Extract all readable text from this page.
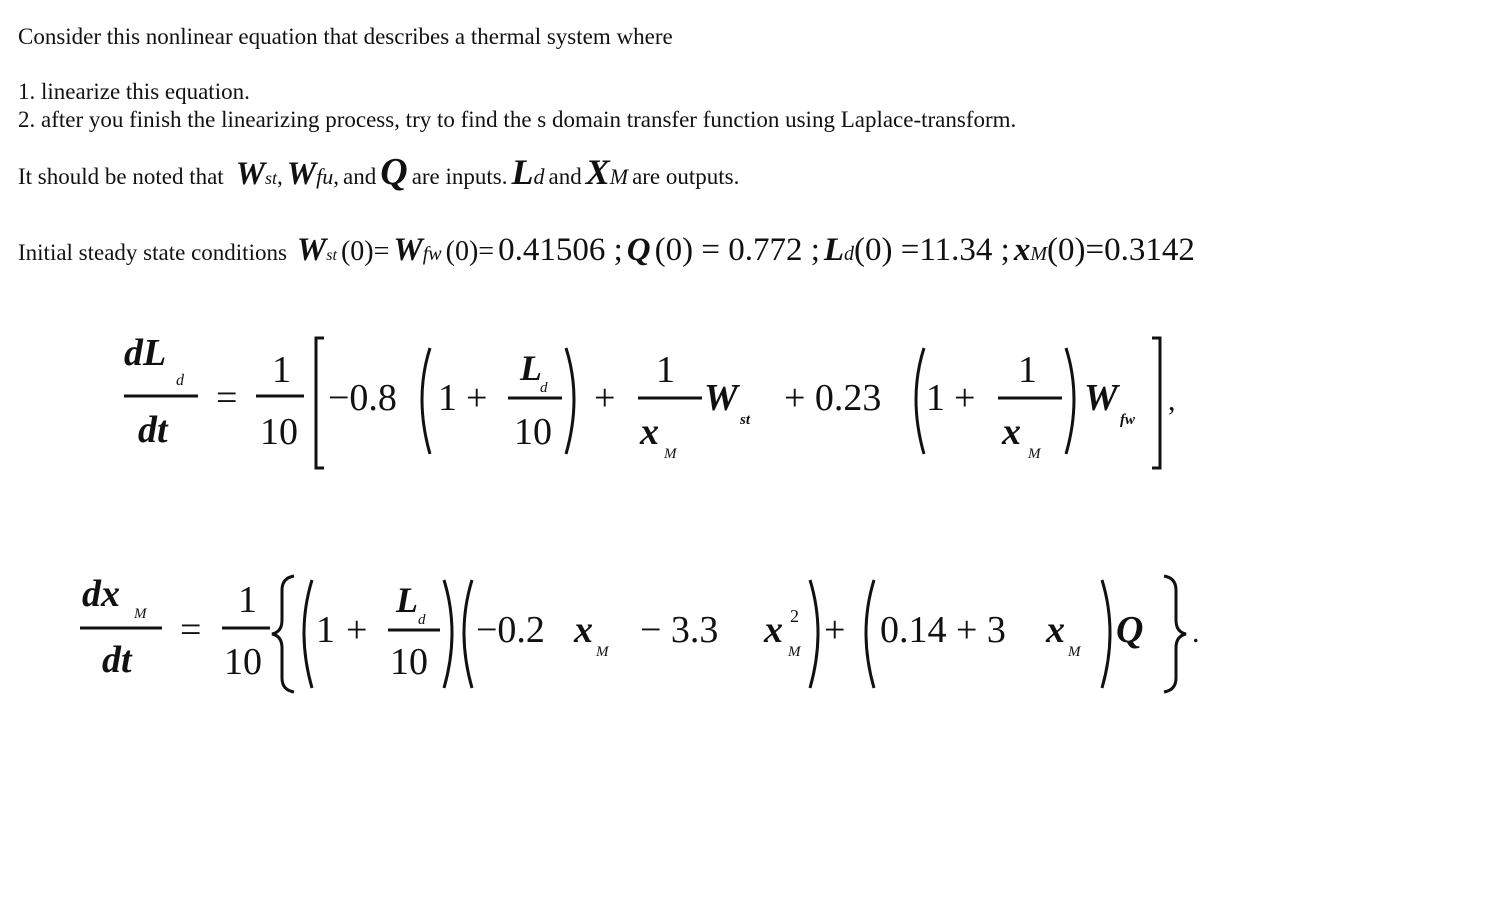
Consider this nonlinear equation that describes a thermal system where
1. linearize this equation.
2. after you finish the linearizing process, try to find the s domain transfer function using Laplace-transform.
It should be noted that Wst, Wfu, and Q are inputs. Ld and XM are outputs.
Initial steady state conditions Wst (0)= Wfw (0)= 0.41506 ; Q (0) = 0.772 ; Ld(0) =11.34 ; xM(0)=0.3142
dL
d
dt
=
1
10
−0.8 1 +
L
d
10
+
1
x
M
W
st
+ 0.23 1 +
1
x
M
W
fw
,
dx M
dt
=
1
10
1 +
L d
10
−0.2 x
M
− 3.3 x 2
M
+ 0.14 + 3 x
M
Q .
